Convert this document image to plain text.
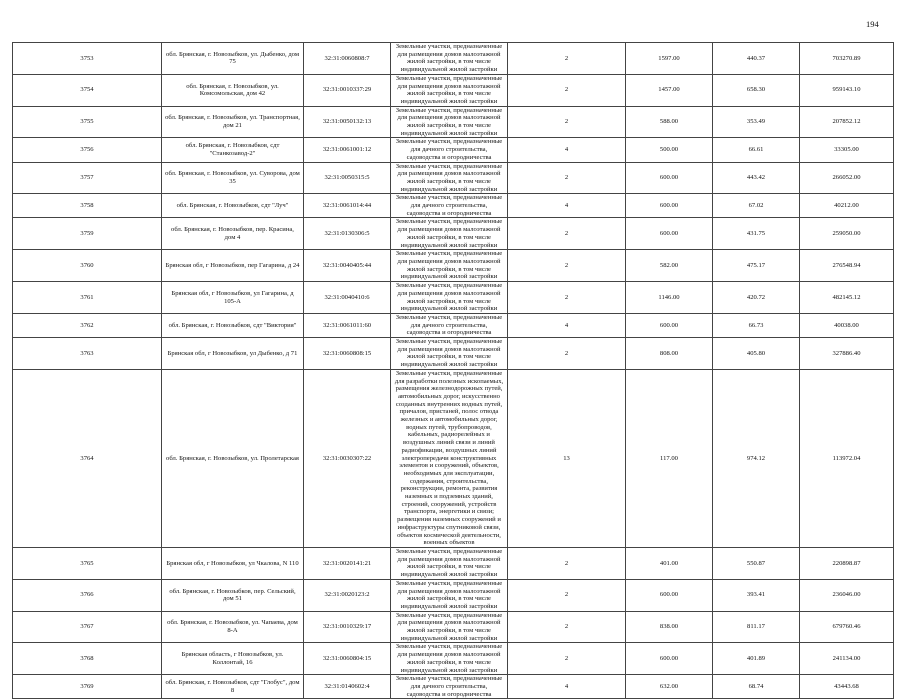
194
3753	обл. Брянская, г. Новозыбков, ул. Дыбенко, дом 75	32:31:0060808:7	Земельные участки, предназначенные для размещения домов малоэтажной жилой застройки, в том числе индивидуальной жилой застройки	2	1597.00	440.37	703270.89
3754	обл. Брянская, г. Новозыбков, ул. Комсомольская, дом 42	32:31:0010337:29	Земельные участки, предназначенные для размещения домов малоэтажной жилой застройки, в том числе индивидуальной жилой застройки	2	1457.00	658.30	959143.10
3755	обл. Брянская, г. Новозыбков, ул. Транспортная, дом 21	32:31:0050132:13	Земельные участки, предназначенные для размещения домов малоэтажной жилой застройки, в том числе индивидуальной жилой застройки	2	588.00	353.49	207852.12
3756	обл. Брянская, г. Новозыбков, сдт "Станкозавод-2"	32:31:0061001:12	Земельные участки, предназначенные для дачного строительства, садоводства и огородничества	4	500.00	66.61	33305.00
3757	обл. Брянская, г. Новозыбков, ул. Суворова, дом 35	32:31:0050315:5	Земельные участки, предназначенные для размещения домов малоэтажной жилой застройки, в том числе индивидуальной жилой застройки	2	600.00	443.42	266052.00
3758	обл. Брянская, г. Новозыбков, сдт "Луч"	32:31:0061014:44	Земельные участки, предназначенные для дачного строительства, садоводства и огородничества	4	600.00	67.02	40212.00
3759	обл. Брянская, г. Новозыбков, пер. Красина, дом 4	32:31:0130306:5	Земельные участки, предназначенные для размещения домов малоэтажной жилой застройки, в том числе индивидуальной жилой застройки	2	600.00	431.75	259050.00
3760	Брянская обл, г Новозыбков, пер Гагарина, д 24	32:31:0040405:44	Земельные участки, предназначенные для размещения домов малоэтажной жилой застройки, в том числе индивидуальной жилой застройки	2	582.00	475.17	276548.94
3761	Брянская обл, г Новозыбков, ул Гагарина, д 105-А	32:31:0040410:6	Земельные участки, предназначенные для размещения домов малоэтажной жилой застройки, в том числе индивидуальной жилой застройки	2	1146.00	420.72	482145.12
3762	обл. Брянская, г. Новозыбков, сдт "Виктория"	32:31:0061011:60	Земельные участки, предназначенные для дачного строительства, садоводства и огородничества	4	600.00	66.73	40038.00
3763	Брянская обл, г Новозыбков, ул Дыбенко, д 71	32:31:0060808:15	Земельные участки, предназначенные для размещения домов малоэтажной жилой застройки, в том числе индивидуальной жилой застройки	2	808.00	405.80	327886.40
3764	обл. Брянская, г. Новозыбков, ул. Пролетарская	32:31:0030307:22	Земельные участки, предназначенные для разработки полезных ископаемых, размещения железнодорожных путей, автомобильных дорог, искусственно созданных внутренних водных путей, причалов, пристаней, полос отвода железных и автомобильных дорог, водных путей, трубопроводов, кабельных, радиорелейных и воздушных линий связи и линий радиофикации, воздушных линий электропередачи конструктивных элементов и сооружений, объектов, необходимых для эксплуатации, содержания, строительства, реконструкции, ремонта, развития наземных и подземных зданий, строений, сооружений, устройств транспорта, энергетики и связи; размещения наземных сооружений и инфраструктуры спутниковой связи, объектов космической деятельности, военных объектов	13	117.00	974.12	113972.04
3765	Брянская обл, г Новозыбков, ул Чкалова, N 110	32:31:0020141:21	Земельные участки, предназначенные для размещения домов малоэтажной жилой застройки, в том числе индивидуальной жилой застройки	2	401.00	550.87	220898.87
3766	обл. Брянская, г. Новозыбков, пер. Сельский, дом 51	32:31:0020123:2	Земельные участки, предназначенные для размещения домов малоэтажной жилой застройки, в том числе индивидуальной жилой застройки	2	600.00	393.41	236046.00
3767	обл. Брянская, г. Новозыбков, ул. Чапаева, дом 8-А	32:31:0010329:17	Земельные участки, предназначенные для размещения домов малоэтажной жилой застройки, в том числе индивидуальной жилой застройки	2	838.00	811.17	679760.46
3768	Брянская область, г Новозыбков, ул. Коллонтай, 16	32:31:0060804:15	Земельные участки, предназначенные для размещения домов малоэтажной жилой застройки, в том числе индивидуальной жилой застройки	2	600.00	401.89	241134.00
3769	обл. Брянская, г. Новозыбков, сдт "Глобус", дом 8	32:31:0140602:4	Земельные участки, предназначенные для дачного строительства, садоводства и огородничества	4	632.00	68.74	43443.68
